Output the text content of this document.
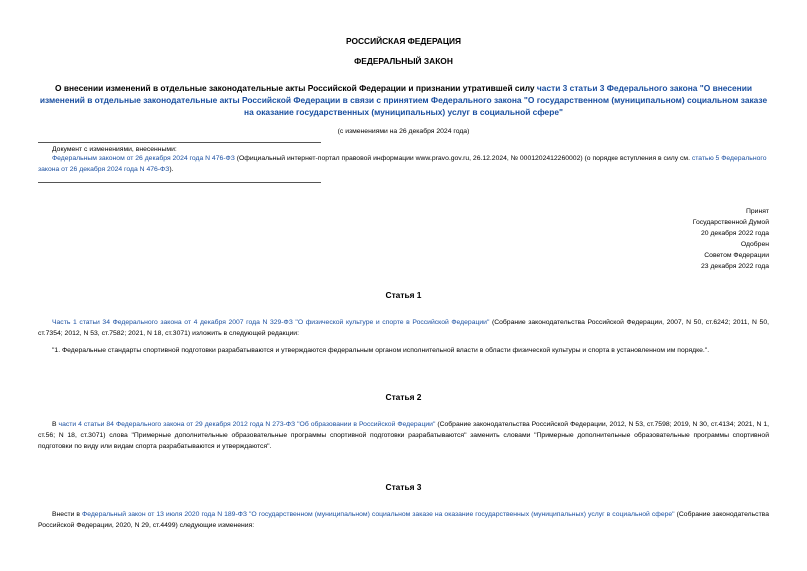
РОССИЙСКАЯ ФЕДЕРАЦИЯ
ФЕДЕРАЛЬНЫЙ ЗАКОН
О внесении изменений в отдельные законодательные акты Российской Федерации и признании утратившей силу части 3 статьи 3 Федерального закона "О внесении изменений в отдельные законодательные акты Российской Федерации в связи с принятием Федерального закона "О государственном (муниципальном) социальном заказе на оказание государственных (муниципальных) услуг в социальной сфере"
(с изменениями на 26 декабря 2024 года)
Документ с изменениями, внесенными:
Федеральным законом от 26 декабря 2024 года N 476-ФЗ (Официальный интернет-портал правовой информации www.pravo.gov.ru, 26.12.2024, № 0001202412260002) (о порядке вступления в силу см. статью 5 Федерального закона от 26 декабря 2024 года N 476-ФЗ).
Принят
Государственной Думой
20 декабря 2022 года
Одобрен
Советом Федерации
23 декабря 2022 года
Статья 1
Часть 1 статьи 34 Федерального закона от 4 декабря 2007 года N 329-ФЗ "О физической культуре и спорте в Российской Федерации" (Собрание законодательства Российской Федерации, 2007, N 50, ст.6242; 2011, N 50, ст.7354; 2012, N 53, ст.7582; 2021, N 18, ст.3071) изложить в следующей редакции:
"1. Федеральные стандарты спортивной подготовки разрабатываются и утверждаются федеральным органом исполнительной власти в области физической культуры и спорта в установленном им порядке.".
Статья 2
В части 4 статьи 84 Федерального закона от 29 декабря 2012 года N 273-ФЗ "Об образовании в Российской Федерации" (Собрание законодательства Российской Федерации, 2012, N 53, ст.7598; 2019, N 30, ст.4134; 2021, N 1, ст.56; N 18, ст.3071) слова "Примерные дополнительные образовательные программы спортивной подготовки разрабатываются" заменить словами "Примерные дополнительные образовательные программы спортивной подготовки по виду или видам спорта разрабатываются и утверждаются".
Статья 3
Внести в Федеральный закон от 13 июля 2020 года N 189-ФЗ "О государственном (муниципальном) социальном заказе на оказание государственных (муниципальных) услуг в социальной сфере" (Собрание законодательства Российской Федерации, 2020, N 29, ст.4499) следующие изменения:
